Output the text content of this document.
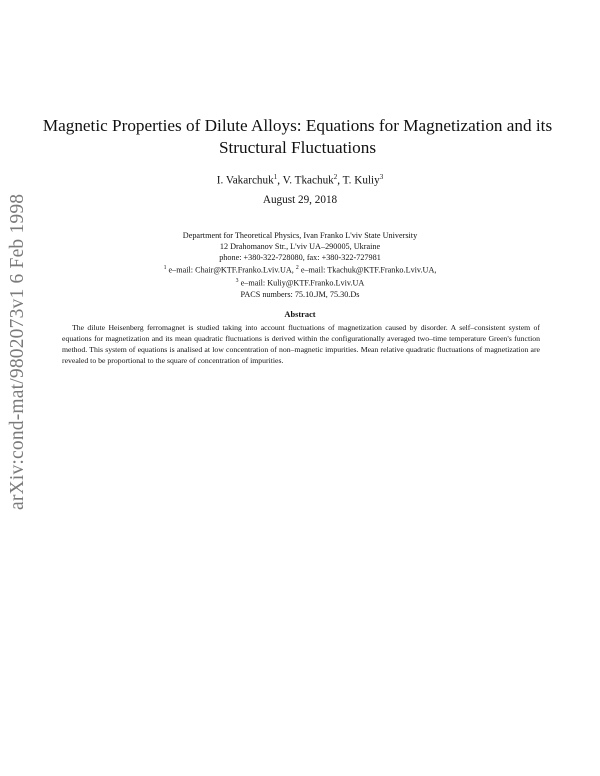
arXiv:cond-mat/9802073v1 6 Feb 1998
Magnetic Properties of Dilute Alloys: Equations for Magnetization and its Structural Fluctuations
I. Vakarchuk$^1$, V. Tkachuk$^2$, T. Kuliy$^3$
August 29, 2018
Department for Theoretical Physics, Ivan Franko L'viv State University
12 Drahomanov Str., L'viv UA–290005, Ukraine
phone: +380-322-728080, fax: +380-322-727981
$^1$ e–mail: Chair@KTF.Franko.Lviv.UA, $^2$ e–mail: Tkachuk@KTF.Franko.Lviv.UA,
$^3$ e–mail: Kuliy@KTF.Franko.Lviv.UA
PACS numbers: 75.10.JM, 75.30.Ds
Abstract
The dilute Heisenberg ferromagnet is studied taking into account fluctuations of magnetization caused by disorder. A self–consistent system of equations for magnetization and its mean quadratic fluctuations is derived within the configurationally averaged two–time temperature Green's function method. This system of equations is analised at low concentration of non–magnetic impurities. Mean relative quadratic fluctuations of magnetization are revealed to be proportional to the square of concentration of impurities.
